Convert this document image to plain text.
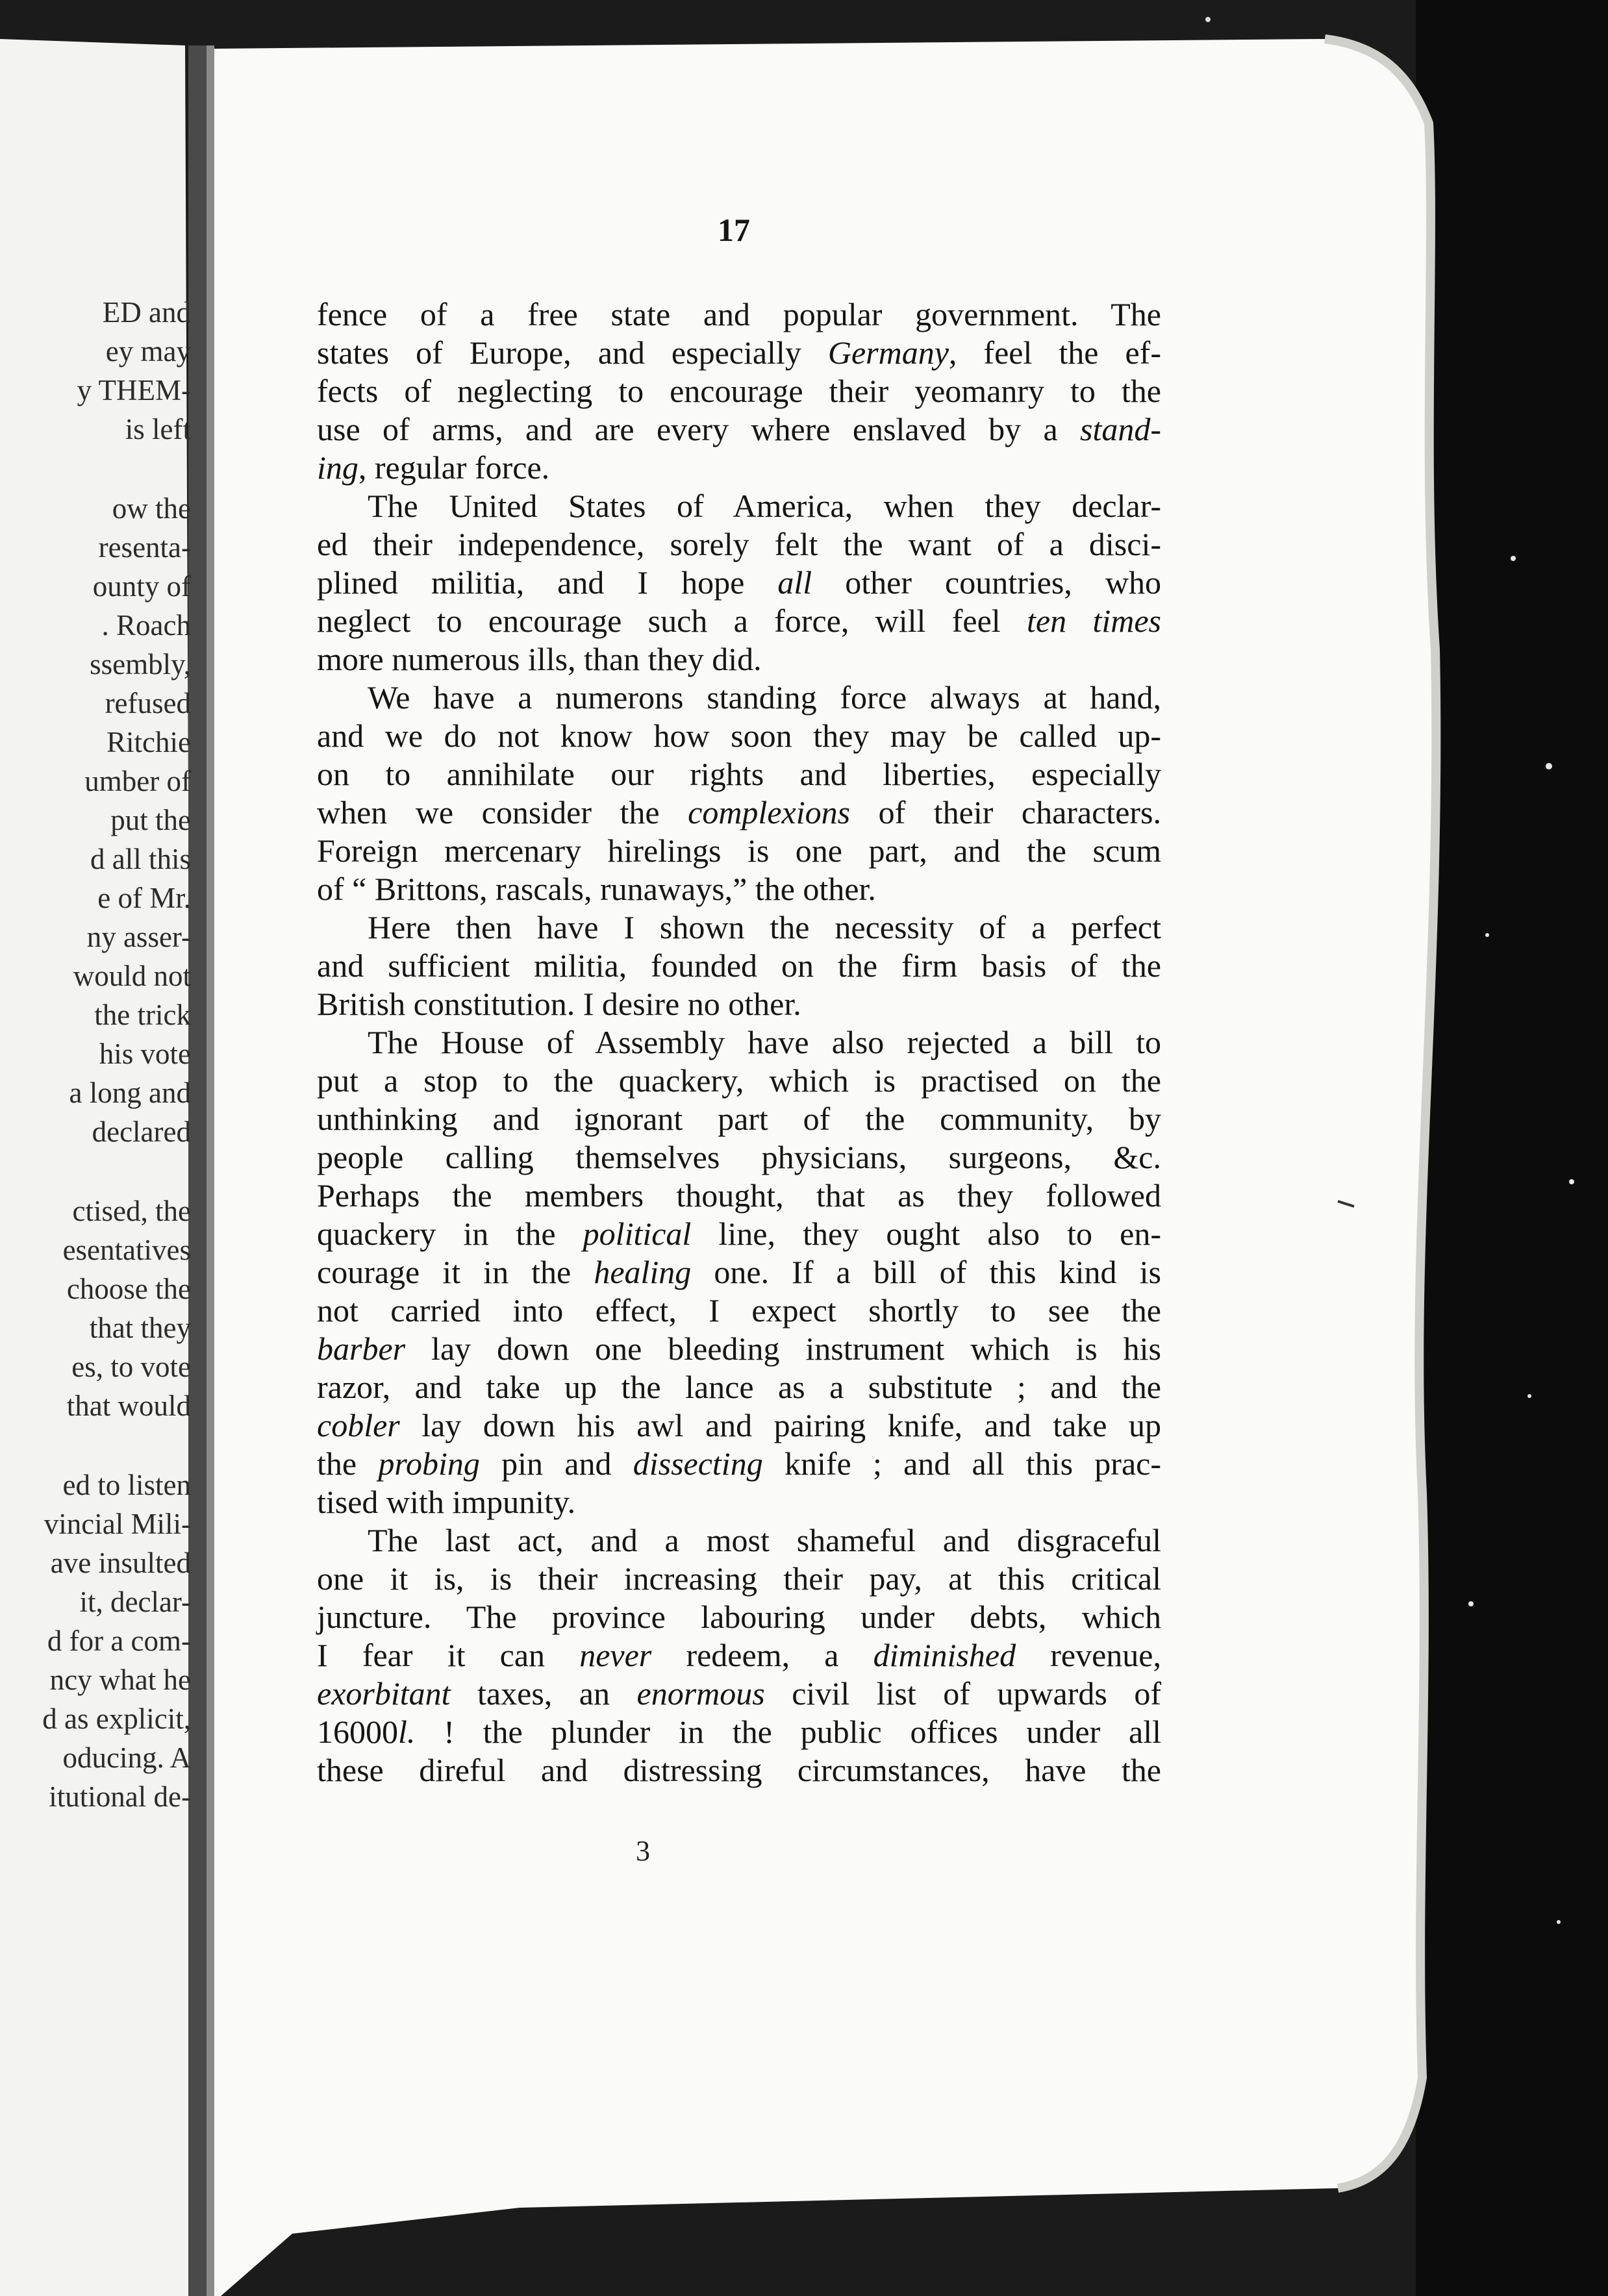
ED and
ey may
y THEM-
is left
ow the
resenta-
ounty of
. Roach
ssembly,
refused
Ritchie
umber of
put the
d all this
e of Mr.
ny asser-
would not
the trick
his vote
a long and
declared
ctised, the
esentatives
choose the
that they
es, to vote
that would
ed to listen
vincial Mili-
ave insulted
it, declar-
d for a com-
ncy what he
d as explicit,
oducing. A
itutional de-
17
fence of a free state and popular government. The
states of Europe, and especially Germany, feel the ef-
fects of neglecting to encourage their yeomanry to the
use of arms, and are every where enslaved by a stand-
ing, regular force.
The United States of America, when they declar-
ed their independence, sorely felt the want of a disci-
plined militia, and I hope all other countries, who
neglect to encourage such a force, will feel ten times
more numerous ills, than they did.
We have a numerons standing force always at hand,
and we do not know how soon they may be called up-
on to annihilate our rights and liberties, especially
when we consider the complexions of their characters.
Foreign mercenary hirelings is one part, and the scum
of “ Brittons, rascals, runaways,” the other.
Here then have I shown the necessity of a perfect
and sufficient militia, founded on the firm basis of the
British constitution. I desire no other.
The House of Assembly have also rejected a bill to
put a stop to the quackery, which is practised on the
unthinking and ignorant part of the community, by
people calling themselves physicians, surgeons, &c.
Perhaps the members thought, that as they followed
quackery in the political line, they ought also to en-
courage it in the healing one. If a bill of this kind is
not carried into effect, I expect shortly to see the
barber lay down one bleeding instrument which is his
razor, and take up the lance as a substitute ; and the
cobler lay down his awl and pairing knife, and take up
the probing pin and dissecting knife ; and all this prac-
tised with impunity.
The last act, and a most shameful and disgraceful
one it is, is their increasing their pay, at this critical
juncture. The province labouring under debts, which
I fear it can never redeem, a diminished revenue,
exorbitant taxes, an enormous civil list of upwards of
16000l. ! the plunder in the public offices under all
these direful and distressing circumstances, have the
3
